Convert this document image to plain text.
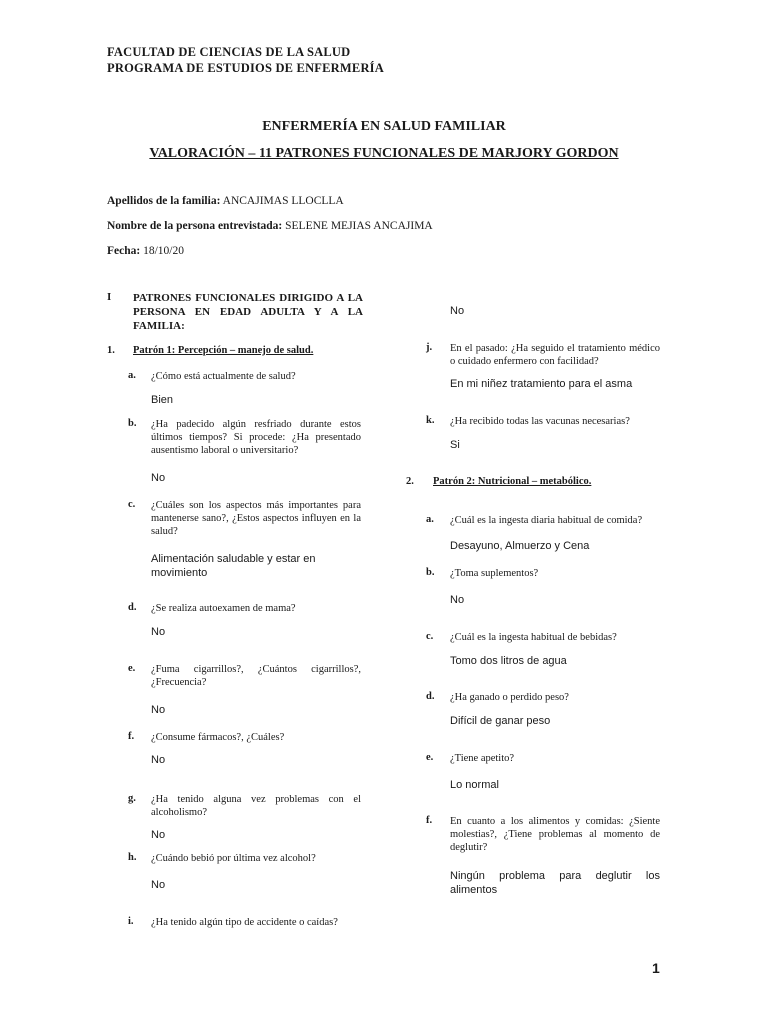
FACULTAD DE CIENCIAS DE LA SALUD
PROGRAMA DE ESTUDIOS DE ENFERMERÍA
ENFERMERÍA EN SALUD FAMILIAR
VALORACIÓN – 11 PATRONES FUNCIONALES DE MARJORY GORDON
Apellidos de la familia: ANCAJIMAS LLOCLLA
Nombre de la persona entrevistada: SELENE MEJIAS ANCAJIMA
Fecha: 18/10/20
I PATRONES FUNCIONALES DIRIGIDO A LA PERSONA EN EDAD ADULTA Y A LA FAMILIA:
1. Patrón 1: Percepción – manejo de salud.
a. ¿Cómo está actualmente de salud?
Bien
b. ¿Ha padecido algún resfriado durante estos últimos tiempos? Si procede: ¿Ha presentado ausentismo laboral o universitario?
No
c. ¿Cuáles son los aspectos más importantes para mantenerse sano?, ¿Estos aspectos influyen en la salud?
Alimentación saludable y estar en movimiento
d. ¿Se realiza autoexamen de mama?
No
e. ¿Fuma cigarrillos?, ¿Cuántos cigarrillos?, ¿Frecuencia?
No
f. ¿Consume fármacos?, ¿Cuáles?
No
g. ¿Ha tenido alguna vez problemas con el alcoholismo?
No
h. ¿Cuándo bebió por última vez alcohol?
No
i. ¿Ha tenido algún tipo de accidente o caídas?
No
j. En el pasado: ¿Ha seguido el tratamiento médico o cuidado enfermero con facilidad?
En mi niñez tratamiento para el asma
k. ¿Ha recibido todas las vacunas necesarias?
Si
2. Patrón 2: Nutricional – metabólico.
a. ¿Cuál es la ingesta diaria habitual de comida?
Desayuno, Almuerzo y Cena
b. ¿Toma suplementos?
No
c. ¿Cuál es la ingesta habitual de bebidas?
Tomo dos litros de agua
d. ¿Ha ganado o perdido peso?
Difícil de ganar peso
e. ¿Tiene apetito?
Lo normal
f. En cuanto a los alimentos y comidas: ¿Siente molestias?, ¿Tiene problemas al momento de deglutir?
Ningún problema para deglutir los alimentos
1
